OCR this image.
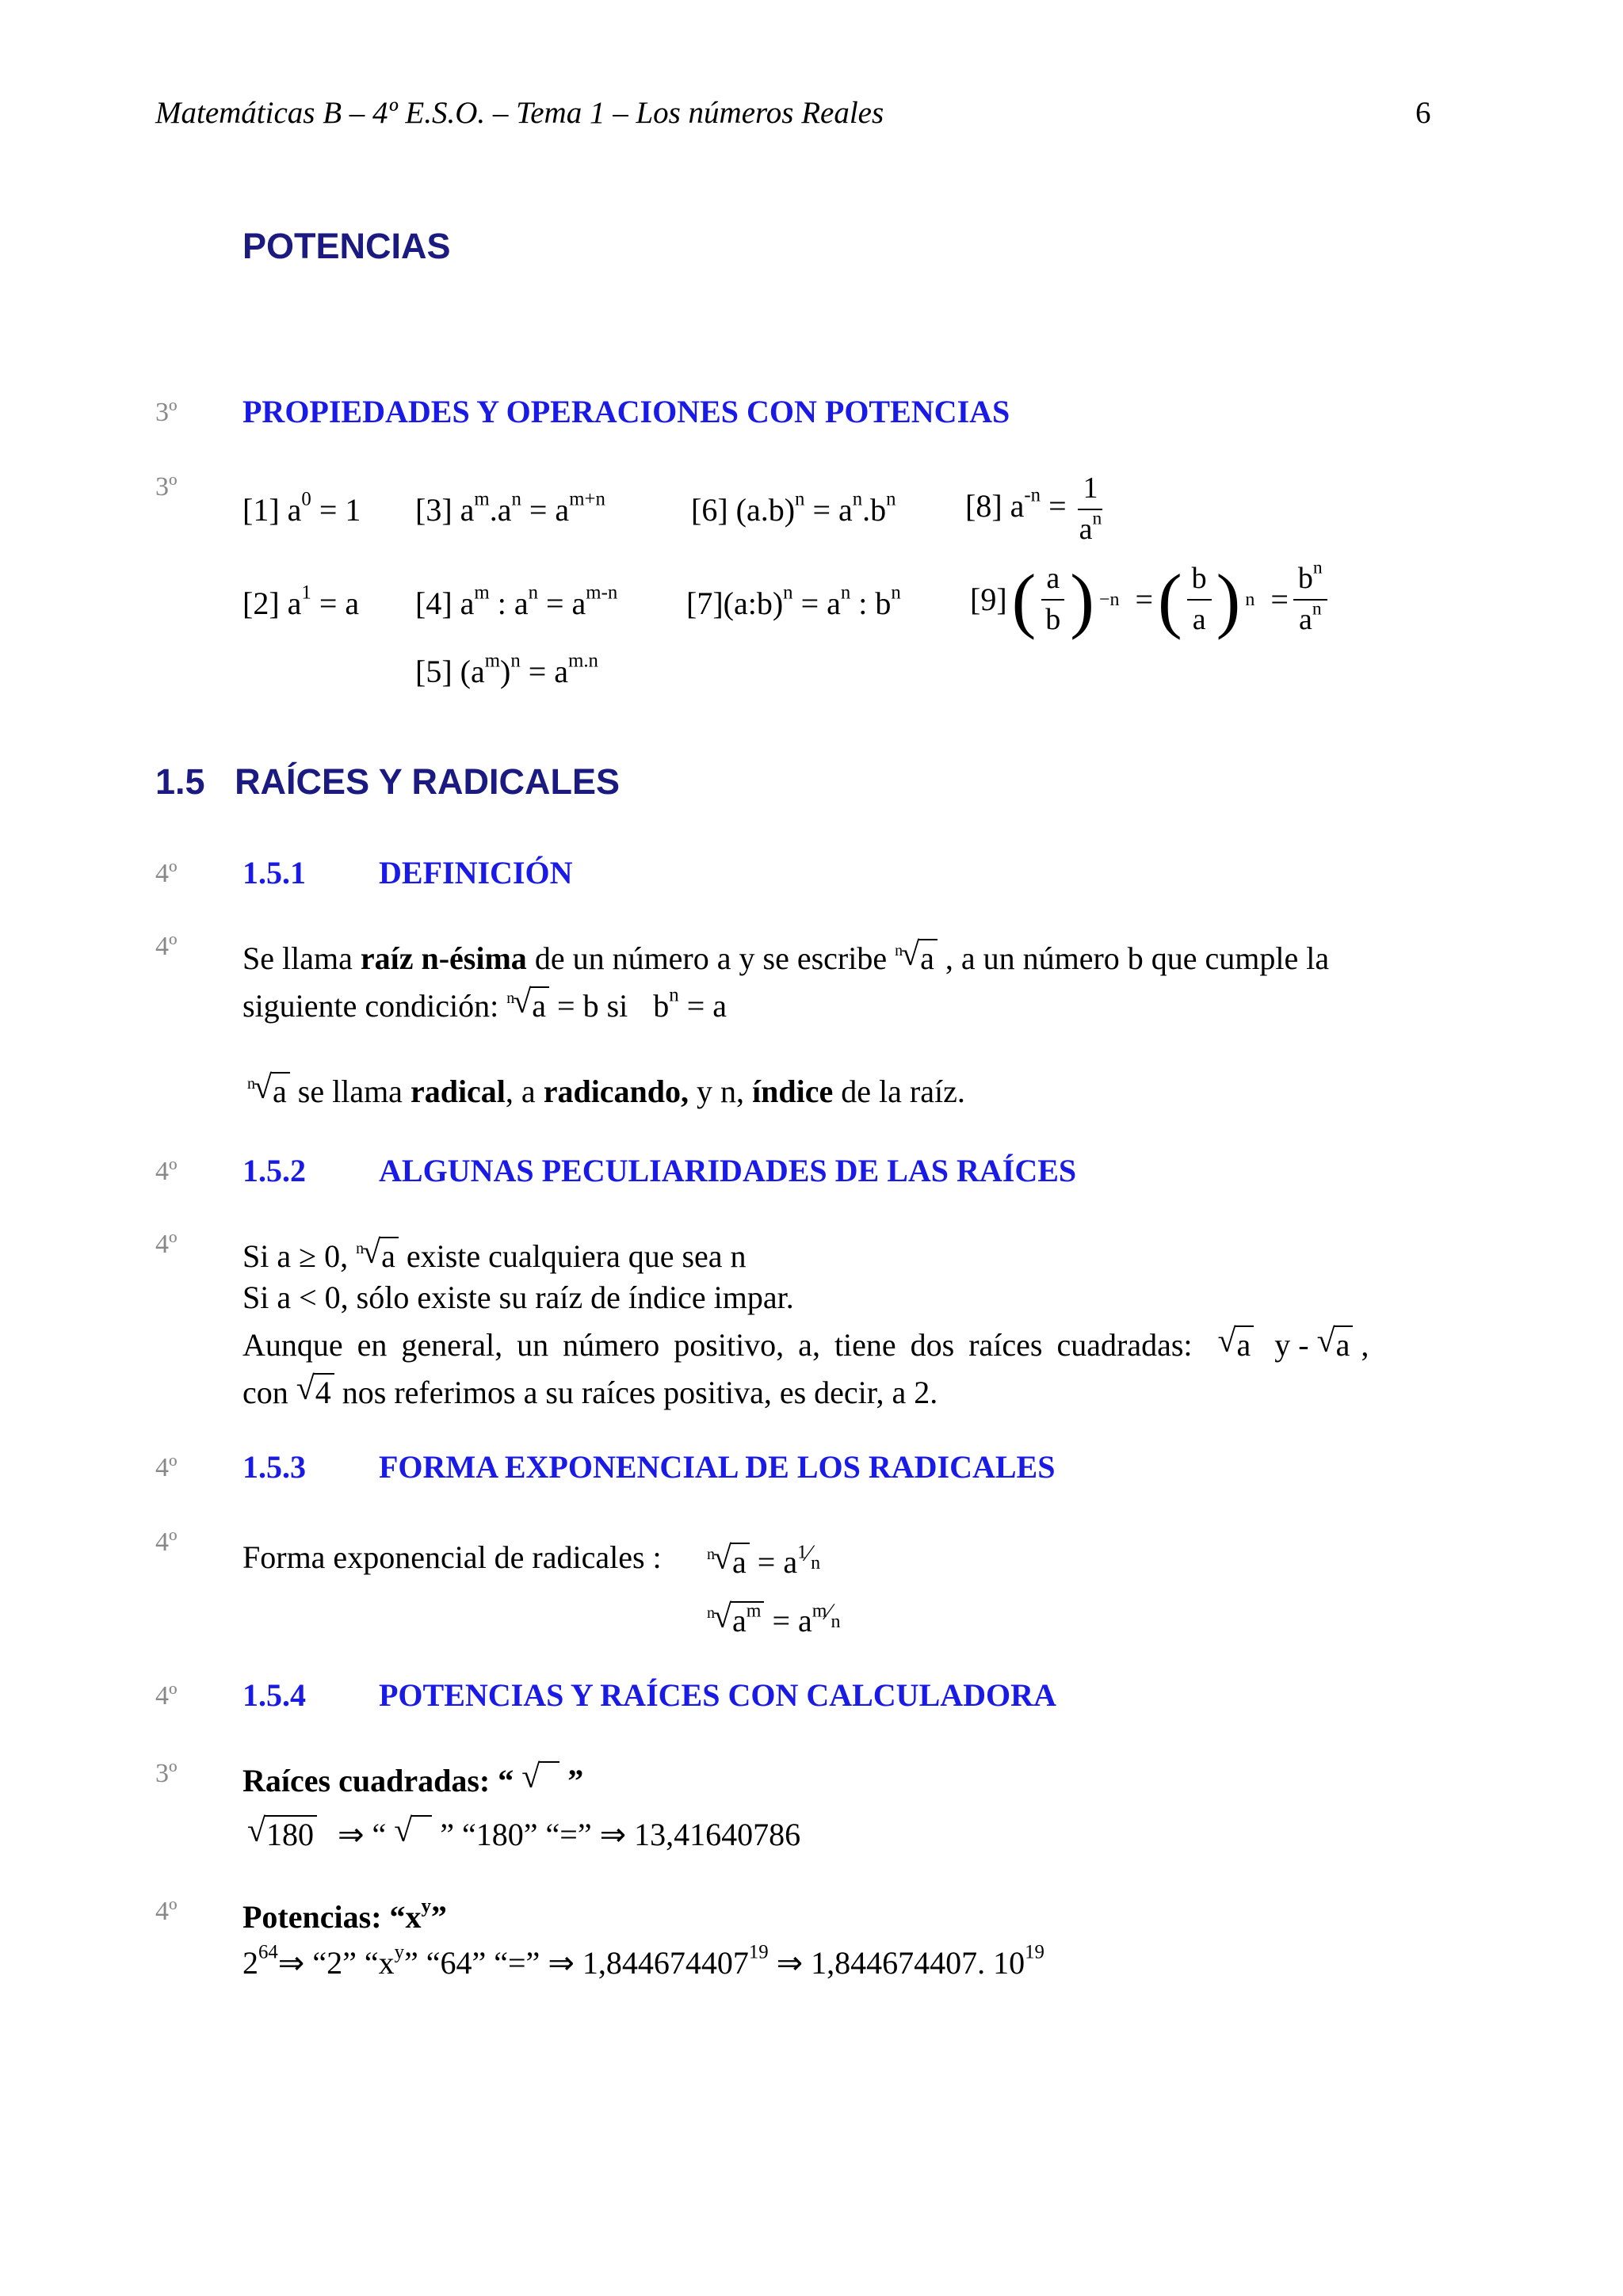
Matemáticas B – 4º E.S.O. – Tema 1 – Los números Reales	6
POTENCIAS
3º PROPIEDADES Y OPERACIONES CON POTENCIAS
3º
[1] $a^0 = 1$ [3] $a^m.a^n = a^{m+n}$	[6] $(a.b)^n = a^n.b^n$ [8] $a^{-n} = \frac{1}{a^n}$
[2] $a^1 = a$ [4] $a^m$ : $a^n = a^{m-n}$ [7](a:b)$^n$ = $a^n$ : $b^n$ [9] ( $\frac{a}{b}$ ) −n = ( $\frac{b}{a}$ ) $n = \frac{b^n}{a^n}$
[5] $(a^m)^n = a^{m.n}$
1.5   RAÍCES Y RADICALES
4º 1.5.1 DEFINICIÓN
4º Se llama raíz n-ésima de un número a y se escribe n
√ a , a un número b que cumple la
siguiente condición: n
√ a = b si $b^n = a$
n
√ a se llama radical, a radicando, y n, índice de la raíz.
4º 1.5.2 ALGUNAS PECULIARIDADES DE LAS RAÍCES
4º Si a ≥ 0, n
√ a existe cualquiera que sea n
Si a < 0, sólo existe su raíz de índice impar.
Aunque en general, un número positivo, a, tiene dos raíces cuadradas: √ a y - √ a ,
con √ 4 nos referimos a su raíces positiva, es decir, a 2.
4º 1.5.3 FORMA EXPONENCIAL DE LOS RADICALES
4º Forma exponencial de radicales :	n
√ $a = a^{1⁄}_n$
n
√ $a^m = a^{m⁄}_n$
4º 1.5.4 POTENCIAS Y RAÍCES CON CALCULADORA
3º Raíces cuadradas: “ √ ”
√ 180 ⇒ “ √ ” “180” “=” ⇒ 13,41640786
4º Potencias: “$x^y$”
$2^{64}\Rightarrow$ “2” “$x^y$” “64” “=” ⇒ 1,844674407$^{19}$ ⇒ 1,844674407. $10^{19}$
